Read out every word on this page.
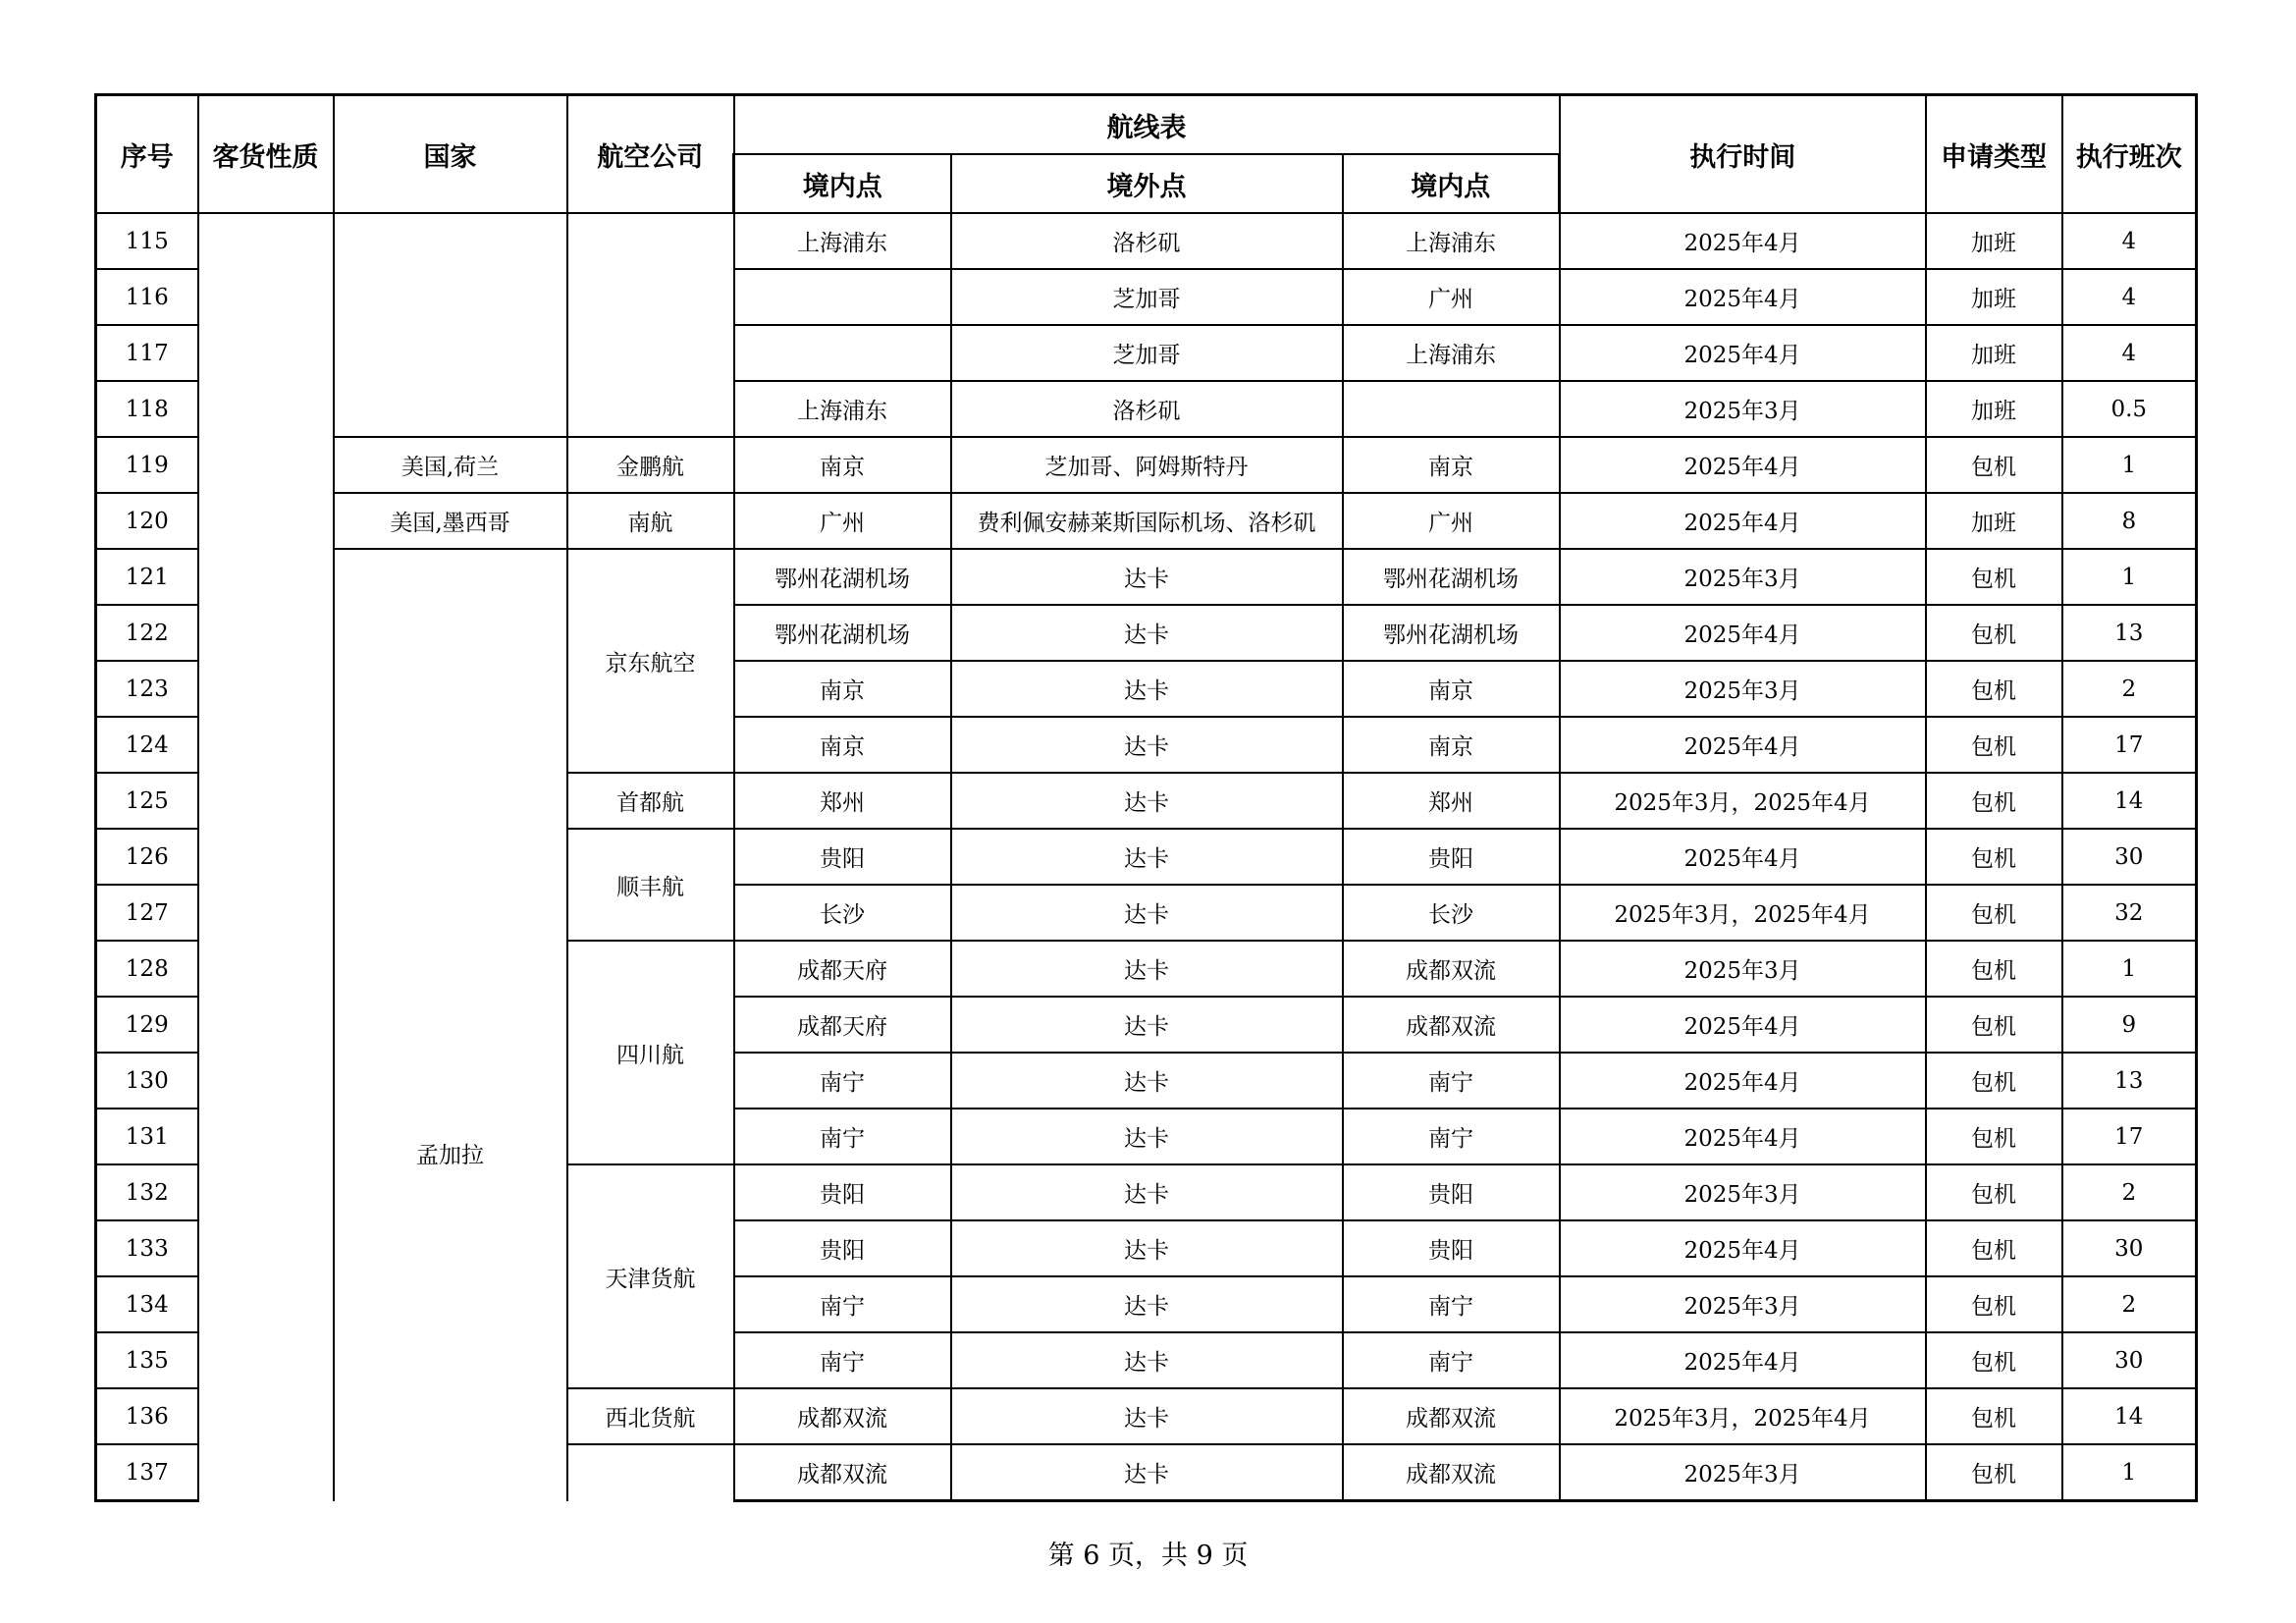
序号	客货性质	国家	航空公司	航线表			执行时间	申请类型	执行班次
				境内点	境外点	境内点			
115				上海浦东	洛杉矶	上海浦东	2025年4月	加班	4
116					芝加哥	广州	2025年4月	加班	4
117					芝加哥	上海浦东	2025年4月	加班	4
118				上海浦东	洛杉矶		2025年3月	加班	0.5
119		美国,荷兰	金鹏航	南京	芝加哥、阿姆斯特丹	南京	2025年4月	包机	1
120		美国,墨西哥	南航	广州	费利佩安赫莱斯国际机场、洛杉矶	广州	2025年4月	加班	8
121		孟加拉	京东航空	鄂州花湖机场	达卡	鄂州花湖机场	2025年3月	包机	1
122				鄂州花湖机场	达卡	鄂州花湖机场	2025年4月	包机	13
123				南京	达卡	南京	2025年3月	包机	2
124				南京	达卡	南京	2025年4月	包机	17
125			首都航	郑州	达卡	郑州	2025年3月，2025年4月	包机	14
126			顺丰航	贵阳	达卡	贵阳	2025年4月	包机	30
127				长沙	达卡	长沙	2025年3月，2025年4月	包机	32
128			四川航	成都天府	达卡	成都双流	2025年3月	包机	1
129				成都天府	达卡	成都双流	2025年4月	包机	9
130				南宁	达卡	南宁	2025年4月	包机	13
131				南宁	达卡	南宁	2025年4月	包机	17
132			天津货航	贵阳	达卡	贵阳	2025年3月	包机	2
133				贵阳	达卡	贵阳	2025年4月	包机	30
134				南宁	达卡	南宁	2025年3月	包机	2
135				南宁	达卡	南宁	2025年4月	包机	30
136			西北货航	成都双流	达卡	成都双流	2025年3月，2025年4月	包机	14
137				成都双流	达卡	成都双流	2025年3月	包机	1
第 6 页，共 9 页
